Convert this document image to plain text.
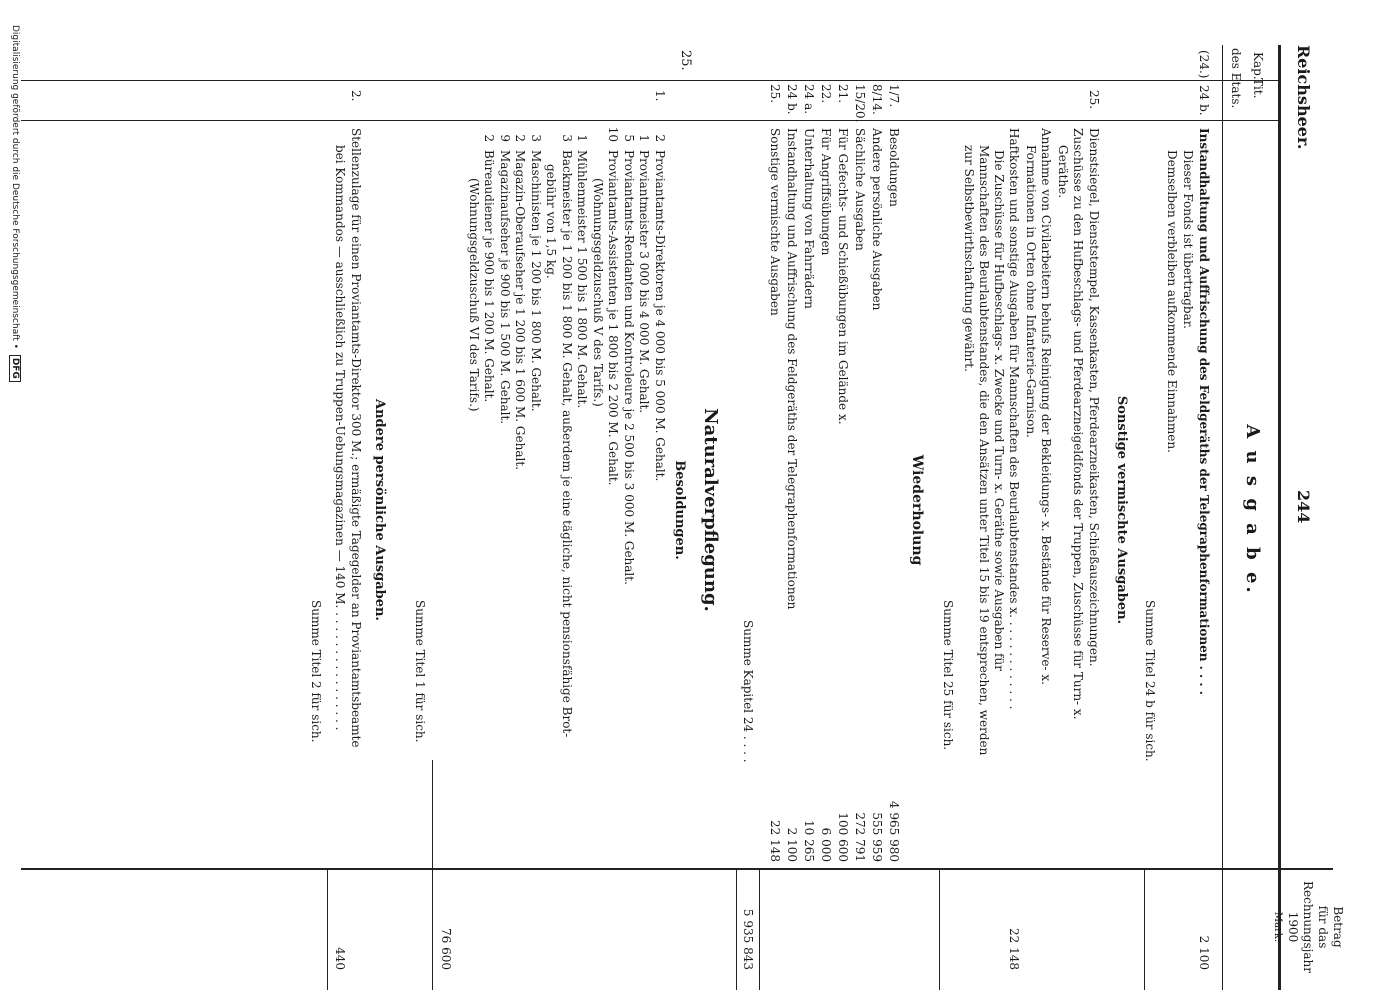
Digitalisierung gefördert durch die Deutsche Forschungsgemeinschaft • DFG
Reichsheer.
244
Kap.
Tit.
des Etats.
Betrag
für das
Rechnungsjahr
1900
Mark.
A u s g a b e.
(24.)
24 b.
Instandhaltung und Auffrischung des Feldgeräths der Telegraphenformationen . . . .
Dieser Fonds ist übertragbar.
Demselben verbleiben aufkommende Einnahmen.
2 100
Summe Titel 24 b für sich.
25.
Sonstige vermischte Ausgaben.
Dienstsiegel, Dienststempel, Kassenkasten, Pferdearzneikasten, Schießauszeichnungen.
Zuschüsse zu den Hufbeschlags- und Pferdearzneigeldfonds der Truppen, Zuschüsse für Turn- x.
Geräthe.
Annahme von Civilarbeitern behufs Reinigung der Bekleidungs- x. Bestände für Reserve- x.
Formationen in Orten ohne Infanterie-Garnison.
Haftkosten und sonstige Ausgaben für Mannschaften des Beurlaubtenstandes x. . . . . . . . . . . . .
Die Zuschüsse für Hufbeschlags- x. Zwecke und Turn- x. Geräthe sowie Ausgaben für
Mannschaften des Beurlaubtenstandes, die den Ansätzen unter Titel 15 bis 19 entsprechen, werden
zur Selbstbewirthschaftung gewährt.
22 148
Summe Titel 25 für sich.
Wiederholung
1/7.
Besoldungen
4 965 980
8/14.
Andere persönliche Ausgaben
555 959
15/20.
Sächliche Ausgaben
272 791
21.
Für Gefechts- und Schießübungen im Gelände x.
100 600
22.
Für Angriffsübungen
6 000
24 a.
Unterhaltung von Fahrrädern
10 265
24 b.
Instandhaltung und Auffrischung des Feldgeräths der Telegraphenformationen
2 100
25.
Sonstige vermischte Ausgaben
22 148
Summe Kapitel 24 . . . .
5 935 843
25.
Naturalverpflegung.
1.
Besoldungen.
2
Proviantamts-Direktoren je 4 000 bis 5 000 M. Gehalt.
1
Proviantmeister 3 000 bis 4 000 M. Gehalt.
5
Proviantamts-Rendanten und Kontroleure je 2 500 bis 3 000 M. Gehalt.
10
Proviantamts-Assistenten je 1 800 bis 2 200 M. Gehalt.
(Wohnungsgeldzuschuß V des Tarifs.)
1
Mühlenmeister 1 500 bis 1 800 M. Gehalt.
3
Backmeister je 1 200 bis 1 800 M. Gehalt, außerdem je eine tägliche, nicht pensionsfähige Brot-
gebühr von 1,5 kg.
3
Maschinisten je 1 200 bis 1 800 M. Gehalt.
2
Magazin-Oberaufseher je 1 200 bis 1 600 M. Gehalt.
9
Magazinaufseher je 900 bis 1 500 M. Gehalt.
2
Büreaudiener je 900 bis 1 200 M. Gehalt.
(Wohnungsgeldzuschuß VI des Tarifs.)
76 600
Summe Titel 1 für sich.
2.
Andere persönliche Ausgaben.
Stellenzulage für einen Proviantamts-Direktor 300 M.; ermäßigte Tagegelder an Proviantamtsbeamte
bei Kommandos — ausschließlich zu Truppen-Uebungsmagazinen — 140 M. . . . . . . . . . . . . . . . .
440
Summe Titel 2 für sich.
